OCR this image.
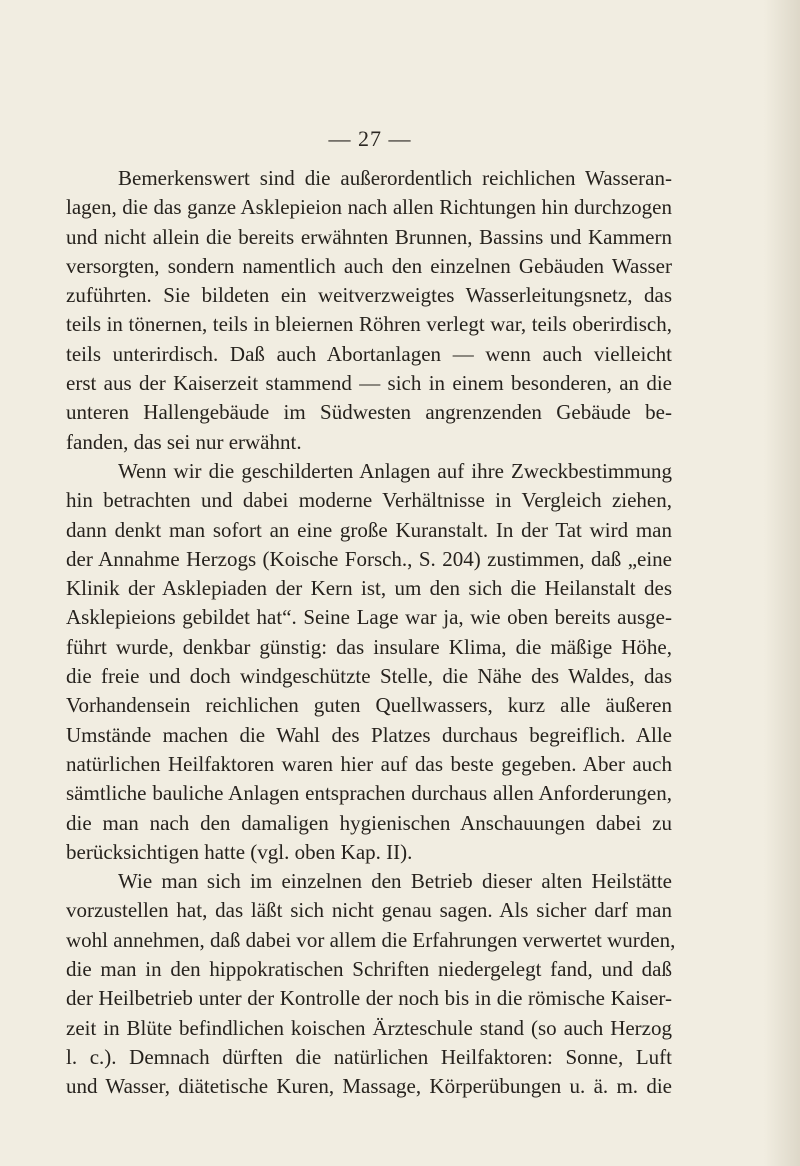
— 27 —
Bemerkenswert sind die außerordentlich reichlichen Wasseran-
lagen, die das ganze Asklepieion nach allen Richtungen hin durchzogen
und nicht allein die bereits erwähnten Brunnen, Bassins und Kammern
versorgten, sondern namentlich auch den einzelnen Gebäuden Wasser
zuführten. Sie bildeten ein weitverzweigtes Wasserleitungsnetz, das
teils in tönernen, teils in bleiernen Röhren verlegt war, teils oberirdisch,
teils unterirdisch. Daß auch Abortanlagen — wenn auch vielleicht
erst aus der Kaiserzeit stammend — sich in einem besonderen, an die
unteren Hallengebäude im Südwesten angrenzenden Gebäude be-
fanden, das sei nur erwähnt.
Wenn wir die geschilderten Anlagen auf ihre Zweckbestimmung
hin betrachten und dabei moderne Verhältnisse in Vergleich ziehen,
dann denkt man sofort an eine große Kuranstalt. In der Tat wird man
der Annahme Herzogs (Koische Forsch., S. 204) zustimmen, daß „eine
Klinik der Asklepiaden der Kern ist, um den sich die Heilanstalt des
Asklepieions gebildet hat“. Seine Lage war ja, wie oben bereits ausge-
führt wurde, denkbar günstig: das insulare Klima, die mäßige Höhe,
die freie und doch windgeschützte Stelle, die Nähe des Waldes, das
Vorhandensein reichlichen guten Quellwassers, kurz alle äußeren
Umstände machen die Wahl des Platzes durchaus begreiflich. Alle
natürlichen Heilfaktoren waren hier auf das beste gegeben. Aber auch
sämtliche bauliche Anlagen entsprachen durchaus allen Anforderungen,
die man nach den damaligen hygienischen Anschauungen dabei zu
berücksichtigen hatte (vgl. oben Kap. II).
Wie man sich im einzelnen den Betrieb dieser alten Heilstätte
vorzustellen hat, das läßt sich nicht genau sagen. Als sicher darf man
wohl annehmen, daß dabei vor allem die Erfahrungen verwertet wurden,
die man in den hippokratischen Schriften niedergelegt fand, und daß
der Heilbetrieb unter der Kontrolle der noch bis in die römische Kaiser-
zeit in Blüte befindlichen koischen Ärzteschule stand (so auch Herzog
l. c.). Demnach dürften die natürlichen Heilfaktoren: Sonne, Luft
und Wasser, diätetische Kuren, Massage, Körperübungen u. ä. m. die
